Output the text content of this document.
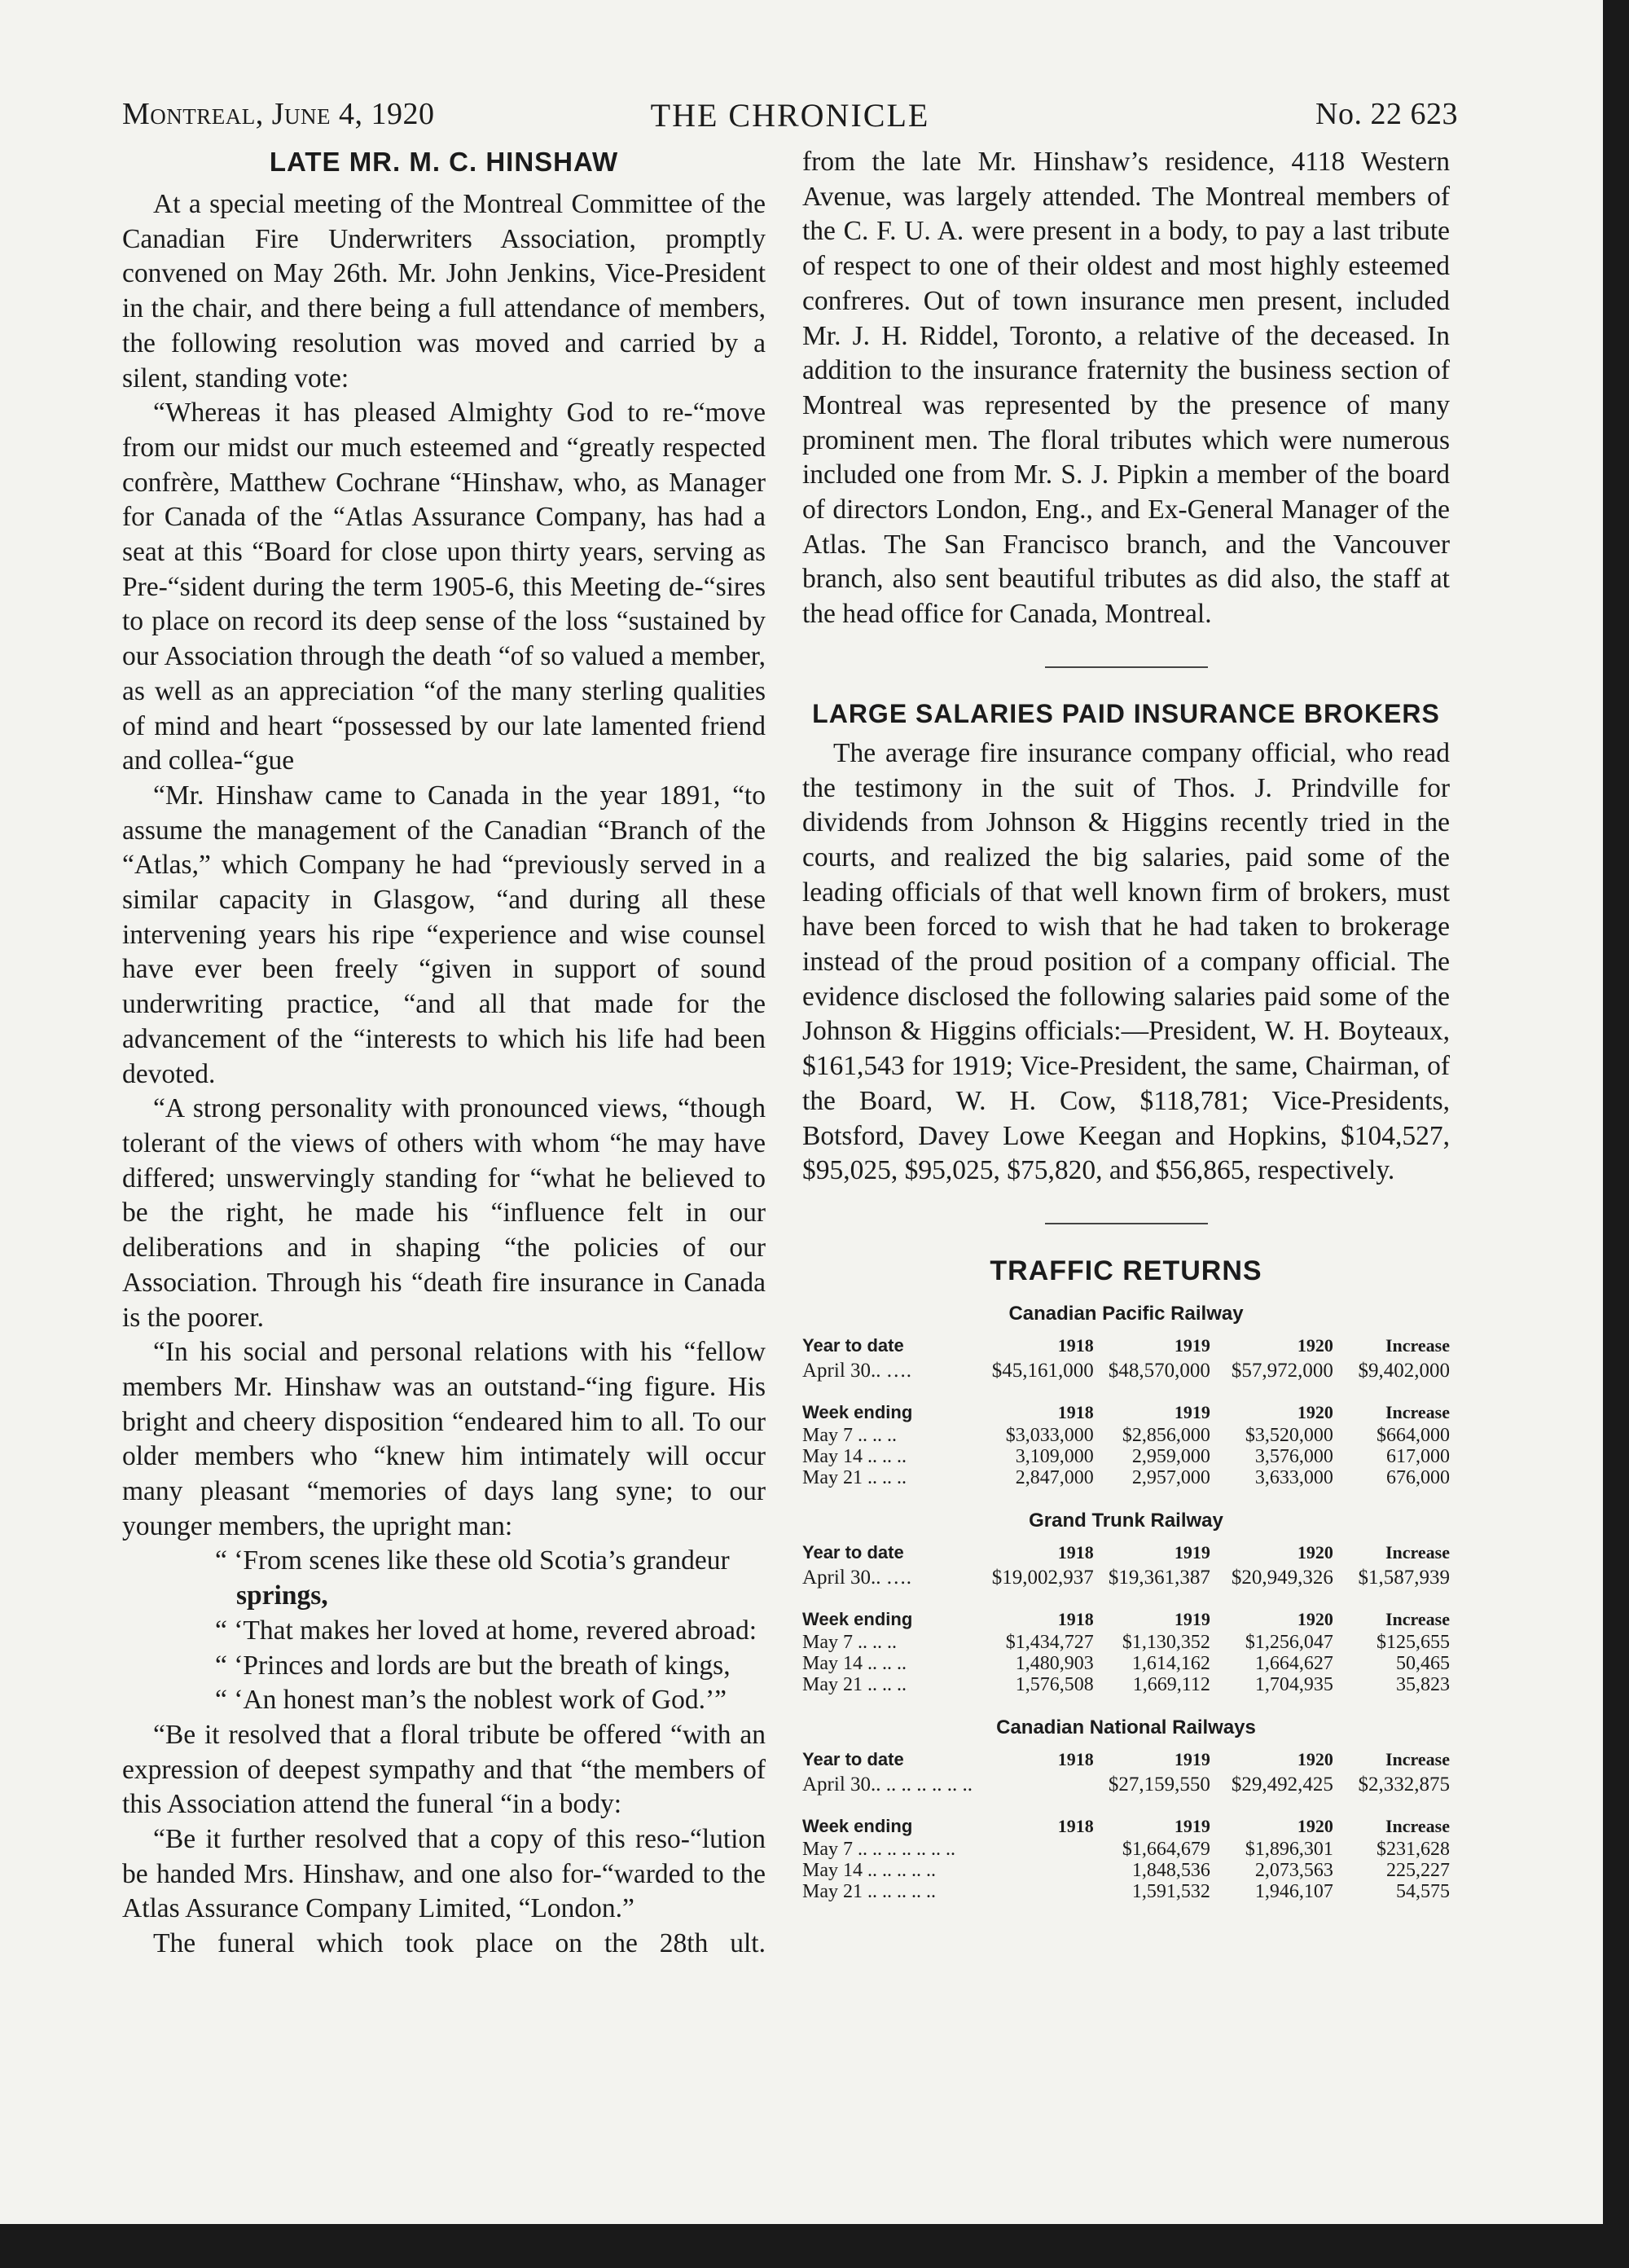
Montreal, June 4, 1920	THE CHRONICLE	No. 22 623
LATE MR. M. C. HINSHAW

At a special meeting of the Montreal Committee of the Canadian Fire Underwriters Association, promptly convened on May 26th. Mr. John Jenkins, Vice-President in the chair, and there being a full attendance of members, the following resolution was moved and carried by a silent, standing vote:

“Whereas it has pleased Almighty God to re-“move from our midst our much esteemed and “greatly respected confrère, Matthew Cochrane “Hinshaw, who, as Manager for Canada of the “Atlas Assurance Company, has had a seat at this “Board for close upon thirty years, serving as Pre-“sident during the term 1905-6, this Meeting de-“sires to place on record its deep sense of the loss “sustained by our Association through the death “of so valued a member, as well as an appreciation “of the many sterling qualities of mind and heart “possessed by our late lamented friend and collea-“gue

“Mr. Hinshaw came to Canada in the year 1891, “to assume the management of the Canadian “Branch of the “Atlas,” which Company he had “previously served in a similar capacity in Glasgow, “and during all these intervening years his ripe “experience and wise counsel have ever been freely “given in support of sound underwriting practice, “and all that made for the advancement of the “interests to which his life had been devoted.

“A strong personality with pronounced views, “though tolerant of the views of others with whom “he may have differed; unswervingly standing for “what he believed to be the right, he made his “influence felt in our deliberations and in shaping “the policies of our Association. Through his “death fire insurance in Canada is the poorer.

“In his social and personal relations with his “fellow members Mr. Hinshaw was an outstand-“ing figure. His bright and cheery disposition “endeared him to all. To our older members who “knew him intimately will occur many pleasant “memories of days lang syne; to our younger members, the upright man:

“ ‘From scenes like these old Scotia’s grandeur

springs,

“ ‘That makes her loved at home, revered abroad:

“ ‘Princes and lords are but the breath of kings,

“ ‘An honest man’s the noblest work of God.’”

“Be it resolved that a floral tribute be offered “with an expression of deepest sympathy and that “the members of this Association attend the funeral “in a body:

“Be it further resolved that a copy of this reso-“lution be handed Mrs. Hinshaw, and one also for-“warded to the Atlas Assurance Company Limited, “London.”

The funeral which took place on the 28th ult.

from the late Mr. Hinshaw’s residence, 4118 Western Avenue, was largely attended. The Montreal members of the C. F. U. A. were present in a body, to pay a last tribute of respect to one of their oldest and most highly esteemed confreres. Out of town insurance men present, included Mr. J. H. Riddel, Toronto, a relative of the deceased. In addition to the insurance fraternity the business section of Montreal was represented by the presence of many prominent men. The floral tributes which were numerous included one from Mr. S. J. Pipkin a member of the board of directors London, Eng., and Ex-General Manager of the Atlas. The San Francisco branch, and the Vancouver branch, also sent beautiful tributes as did also, the staff at the head office for Canada, Montreal.

LARGE SALARIES PAID INSURANCE BROKERS

The average fire insurance company official, who read the testimony in the suit of Thos. J. Prindville for dividends from Johnson & Higgins recently tried in the courts, and realized the big salaries, paid some of the leading officials of that well known firm of brokers, must have been forced to wish that he had taken to brokerage instead of the proud position of a company official. The evidence disclosed the following salaries paid some of the Johnson & Higgins officials:—President, W. H. Boyteaux, $161,543 for 1919; Vice-President, the same, Chairman, of the Board, W. H. Cow, $118,781; Vice-Presidents, Botsford, Davey Lowe Keegan and Hopkins, $104,527, $95,025, $95,025, $75,820, and $56,865, respectively.

TRAFFIC RETURNS
Canadian Pacific Railway
Year to date	1918	1919	1920	Increase
April 30.. ….	$45,161,000	$48,570,000	$57,972,000	$9,402,000

Week ending	1918	1919	1920	Increase
May 7 .. .. ..	$3,033,000	$2,856,000	$3,520,000	$664,000
May 14 .. .. ..	3,109,000	2,959,000	3,576,000	617,000
May 21 .. .. ..	2,847,000	2,957,000	3,633,000	676,000
Grand Trunk Railway
Year to date	1918	1919	1920	Increase
April 30.. ….	$19,002,937	$19,361,387	$20,949,326	$1,587,939

Week ending	1918	1919	1920	Increase
May 7 .. .. ..	$1,434,727	$1,130,352	$1,256,047	$125,655
May 14 .. .. ..	1,480,903	1,614,162	1,664,627	50,465
May 21 .. .. ..	1,576,508	1,669,112	1,704,935	35,823
Canadian National Railways
Year to date	1918	1919	1920	Increase
April 30.. .. .. .. .. .. ..		$27,159,550	$29,492,425	$2,332,875

Week ending	1918	1919	1920	Increase
May 7 .. .. .. .. .. .. ..		$1,664,679	$1,896,301	$231,628
May 14 .. .. .. .. ..		1,848,536	2,073,563	225,227
May 21 .. .. .. .. ..		1,591,532	1,946,107	54,575
